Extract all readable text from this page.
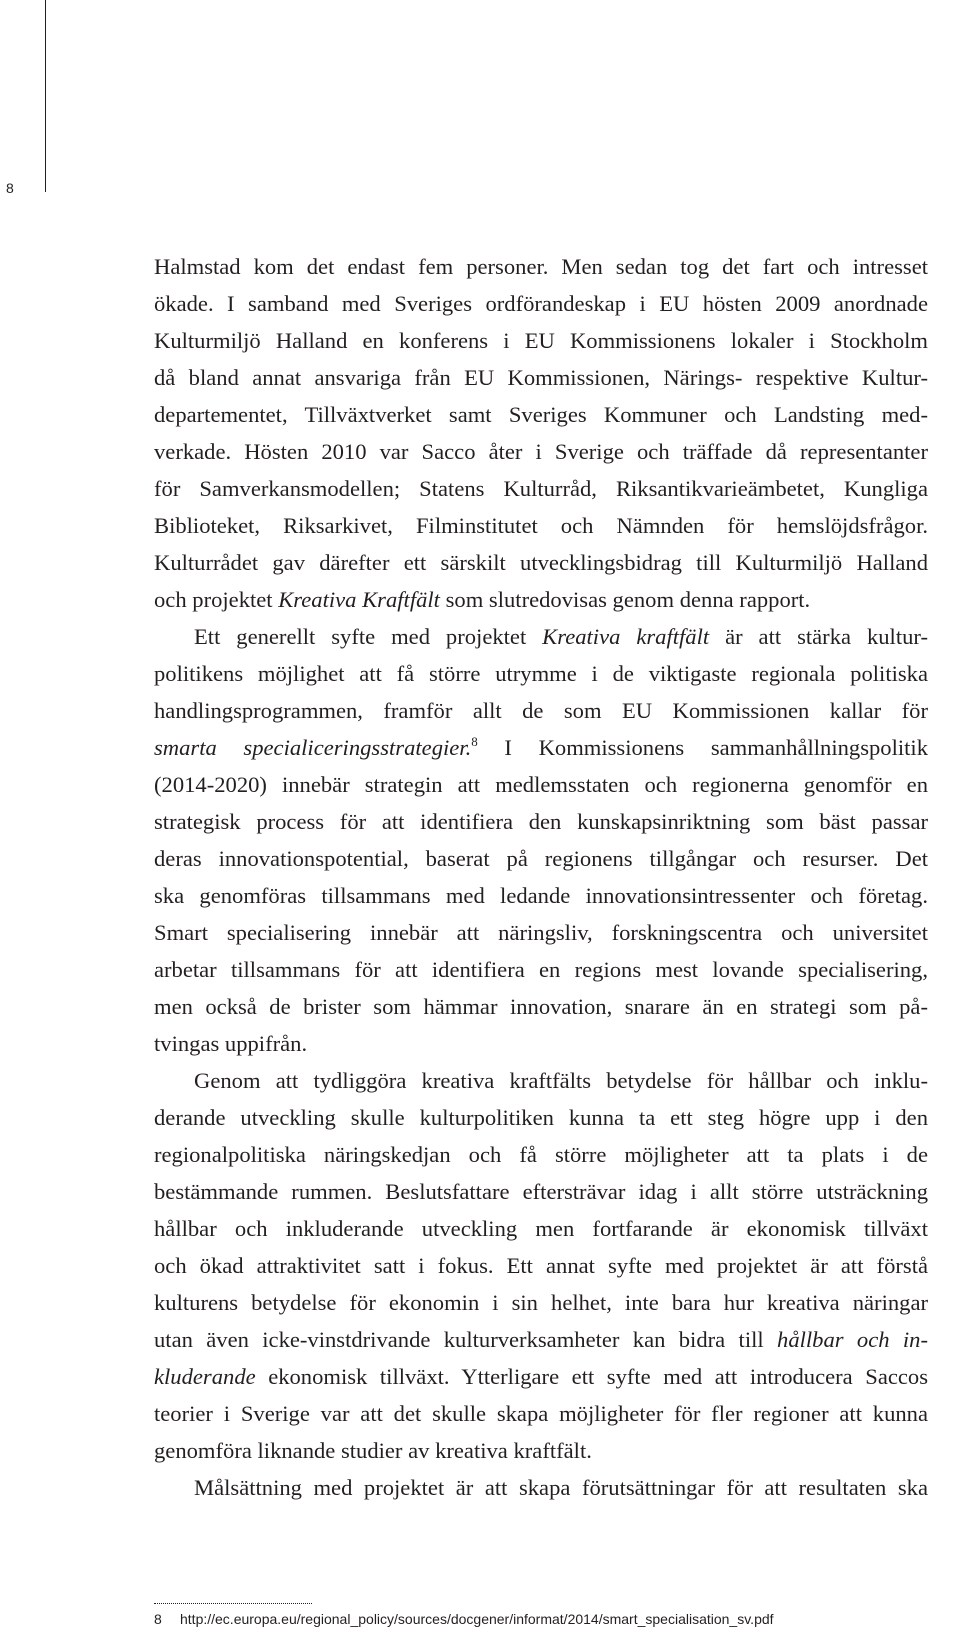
8
Halmstad kom det endast fem personer. Men sedan tog det fart och intresset
ökade. I samband med Sveriges ordförandeskap i EU hösten 2009 anordnade
Kulturmiljö Halland en konferens i EU Kommissionens lokaler i Stockholm
då bland annat ansvariga från EU Kommissionen, Närings- respektive Kultur-
departementet, Tillväxtverket samt Sveriges Kommuner och Landsting med-
verkade. Hösten 2010 var Sacco åter i Sverige och träffade då representanter
för Samverkansmodellen; Statens Kulturråd, Riksantikvarieämbetet, Kungliga
Biblioteket, Riksarkivet, Filminstitutet och Nämnden för hemslöjdsfrågor.
Kulturrådet gav därefter ett särskilt utvecklingsbidrag till Kulturmiljö Halland
och projektet Kreativa Kraftfält som slutredovisas genom denna rapport.
Ett generellt syfte med projektet Kreativa kraftfält är att stärka kultur-
politikens möjlighet att få större utrymme i de viktigaste regionala politiska
handlingsprogrammen, framför allt de som EU Kommissionen kallar för
smarta specialiceringsstrategier.$^8$ I Kommissionens sammanhållningspolitik
(2014-2020) innebär strategin att medlemsstaten och regionerna genomför en
strategisk process för att identifiera den kunskapsinriktning som bäst passar
deras innovationspotential, baserat på regionens tillgångar och resurser. Det
ska genomföras tillsammans med ledande innovationsintressenter och företag.
Smart specialisering innebär att näringsliv, forskningscentra och universitet
arbetar tillsammans för att identifiera en regions mest lovande specialisering,
men också de brister som hämmar innovation, snarare än en strategi som på-
tvingas uppifrån.
Genom att tydliggöra kreativa kraftfälts betydelse för hållbar och inklu-
derande utveckling skulle kulturpolitiken kunna ta ett steg högre upp i den
regionalpolitiska näringskedjan och få större möjligheter att ta plats i de
bestämmande rummen. Beslutsfattare eftersträvar idag i allt större utsträckning
hållbar och inkluderande utveckling men fortfarande är ekonomisk tillväxt
och ökad attraktivitet satt i fokus. Ett annat syfte med projektet är att förstå
kulturens betydelse för ekonomin i sin helhet, inte bara hur kreativa näringar
utan även icke-vinstdrivande kulturverksamheter kan bidra till hållbar och in-
kluderande ekonomisk tillväxt. Ytterligare ett syfte med att introducera Saccos
teorier i Sverige var att det skulle skapa möjligheter för fler regioner att kunna
genomföra liknande studier av kreativa kraftfält.
Målsättning med projektet är att skapa förutsättningar för att resultaten ska
8 http://ec.europa.eu/regional_policy/sources/docgener/informat/2014/smart_specialisation_sv.pdf
